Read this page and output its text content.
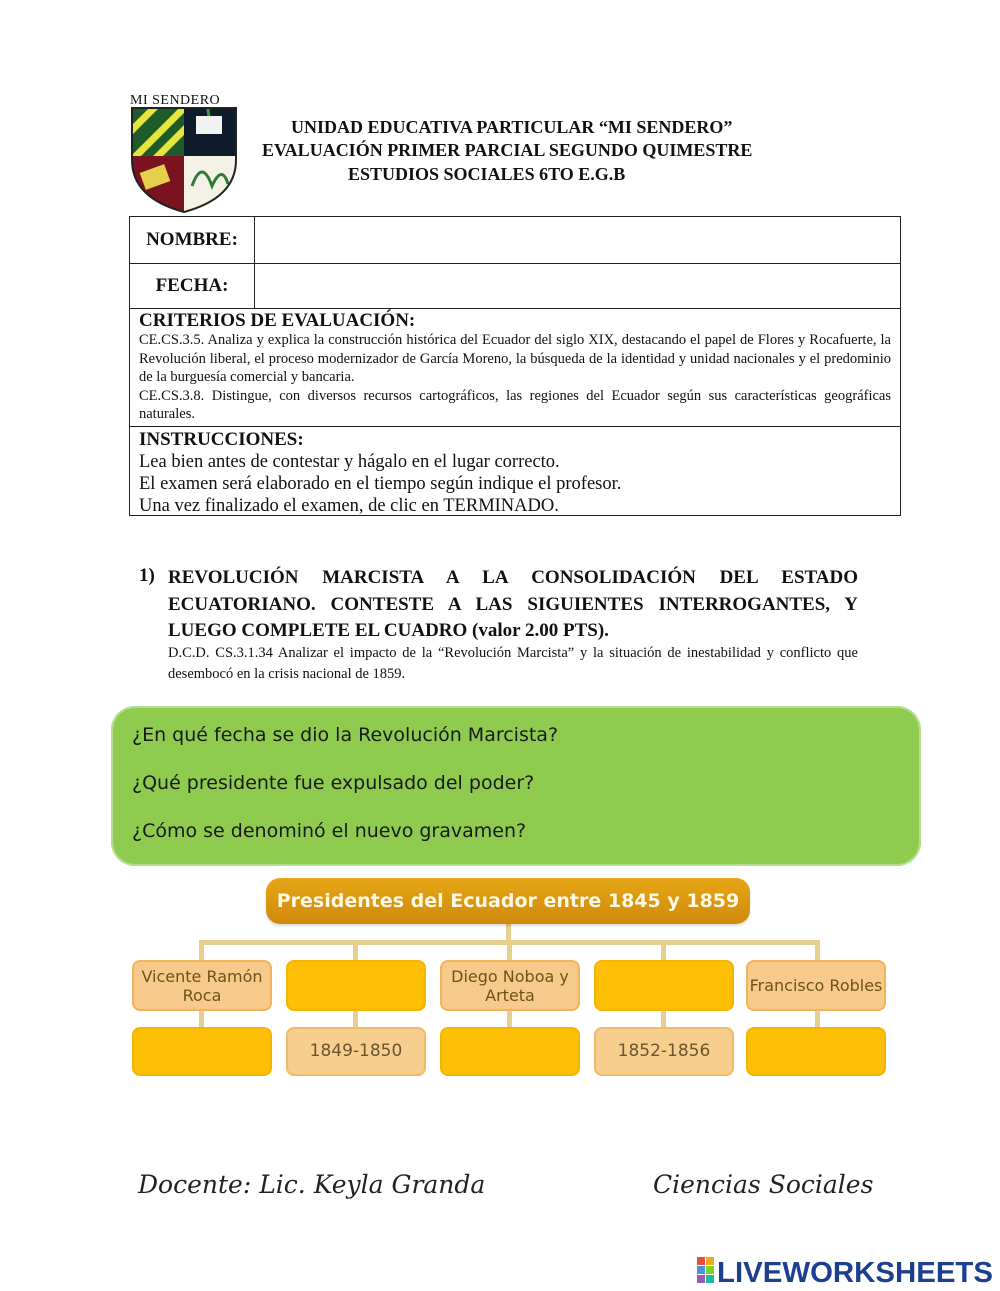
MI SENDERO
UNIDAD EDUCATIVA PARTICULAR “MI SENDERO”
EVALUACIÓN PRIMER PARCIAL SEGUNDO QUIMESTRE
ESTUDIOS SOCIALES 6TO E.G.B
NOMBRE:
FECHA:
CRITERIOS DE EVALUACIÓN:

CE.CS.3.5. Analiza y explica la construcción histórica del Ecuador del siglo XIX, destacando el papel de Flores y Rocafuerte, la Revolución liberal, el proceso modernizador de García Moreno, la búsqueda de la identidad y unidad nacionales y el predominio de la burguesía comercial y bancaria.

CE.CS.3.8. Distingue, con diversos recursos cartográficos, las regiones del Ecuador según sus características geográficas naturales.

INSTRUCCIONES:
Lea bien antes de contestar y hágalo en el lugar correcto.
El examen será elaborado en el tiempo según indique el profesor.
Una vez finalizado el examen, de clic en TERMINADO.
1) REVOLUCIÓN MARCISTA A LA CONSOLIDACIÓN DEL ESTADO ECUATORIANO. CONTESTE A LAS SIGUIENTES INTERROGANTES, Y LUEGO COMPLETE EL CUADRO (valor 2.00 PTS).
D.C.D. CS.3.1.34 Analizar el impacto de la “Revolución Marcista” y la situación de inestabilidad y conflicto que desembocó en la crisis nacional de 1859.
¿En qué fecha se dio la Revolución Marcista?
¿Qué presidente fue expulsado del poder?
¿Cómo se denominó el nuevo gravamen?
Presidentes del Ecuador entre 1845 y 1859
Vicente Ramón Roca
Diego Noboa y Arteta	Francisco Robles
1849-1850	1852-1856
Docente: Lic. Keyla Granda	Ciencias Sociales
LIVEWORKSHEETS
